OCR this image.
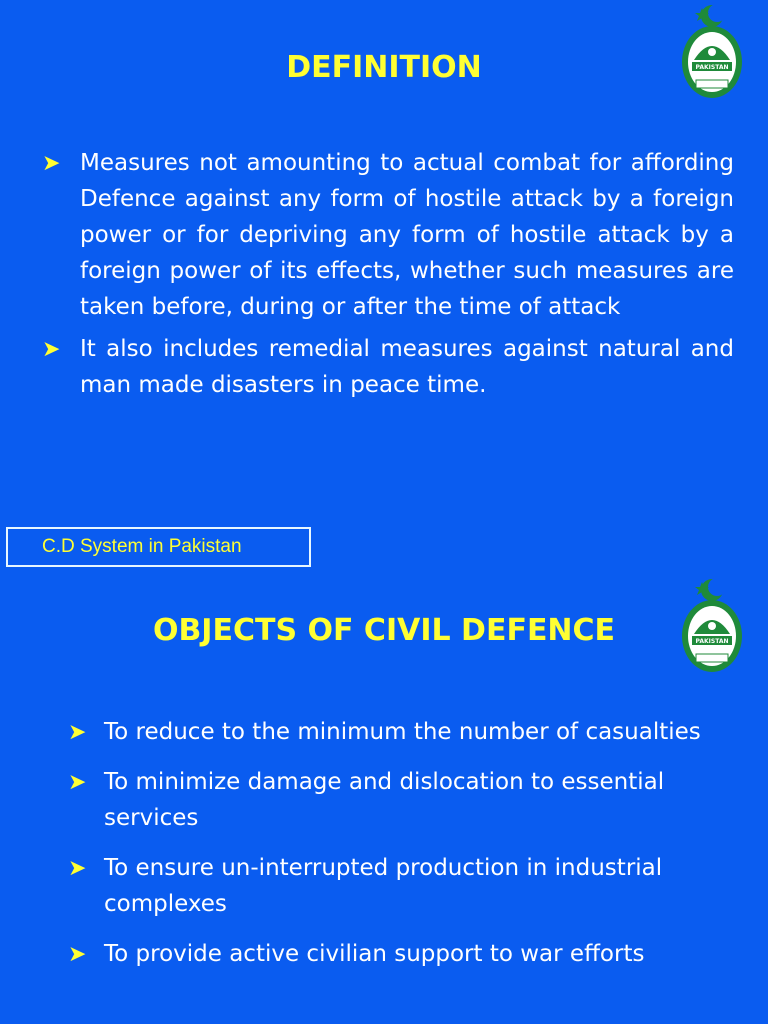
DEFINITION	PAKISTAN
➤ Measures not amounting to actual combat for affording Defence against any form of hostile attack by a foreign power or for depriving any form of hostile attack by a foreign power of its effects, whether such measures are taken before, during or after the time of attack
➤ It also includes remedial measures against natural and man made disasters in peace time.
C.D System in Pakistan
OBJECTS OF CIVIL DEFENCE	PAKISTAN
➤ To reduce to the minimum the number of casualties
➤ To minimize damage and dislocation to essential services
➤ To ensure un-interrupted production in industrial complexes
➤ To provide active civilian support to war efforts
